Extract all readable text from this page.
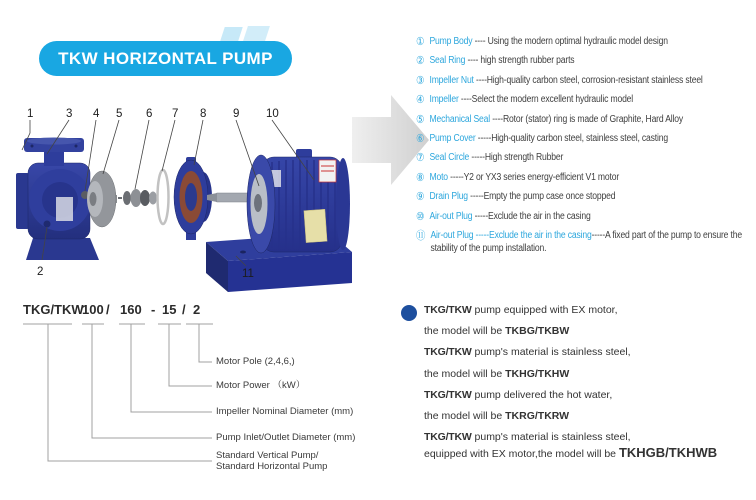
TKW HORIZONTAL PUMP
1	3 4 5 6 7 8 9 10
2	11
① Pump Body ---- Using the modern optimal hydraulic model design
② Seal Ring ---- high strength rubber parts
③ Impeller Nut ----High-quality carbon steel, corrosion-resistant stainless steel
④ Impeller ----Select the modern excellent hydraulic model
⑤ Mechanical Seal ----Rotor (stator) ring is made of Graphite, Hard Alloy
⑥ Pump Cover -----High-quality carbon steel, stainless steel, casting
⑦ Seal Circle -----High strength Rubber
⑧ Moto -----Y2 or YX3 series energy-efficient V1 motor
⑨ Drain Plug -----Empty the pump case once stopped
⑩ Air-out Plug -----Exclude the air in the casing
⑪ Air-out Plug -----Exclude the air in the casing-----A fixed part of the pump to ensure the stability of the pump installation.
TKG/TKW
100 / 160 - 15 / 2
Motor Pole (2,4,6,)
Motor Power （kW）
Impeller Nominal Diameter (mm)
Pump Inlet/Outlet Diameter (mm)
Standard Vertical Pump/
Standard Horizontal Pump
TKG/TKW pump equipped with EX motor,
the model will be TKBG/TKBW
TKG/TKW pump's material is stainless steel,
the model will be TKHG/TKHW
TKG/TKW pump delivered the hot water,
the model will be TKRG/TKRW
TKG/TKW pump's material is stainless steel,
equipped with EX motor,the model will be TKHGB/TKHWB
